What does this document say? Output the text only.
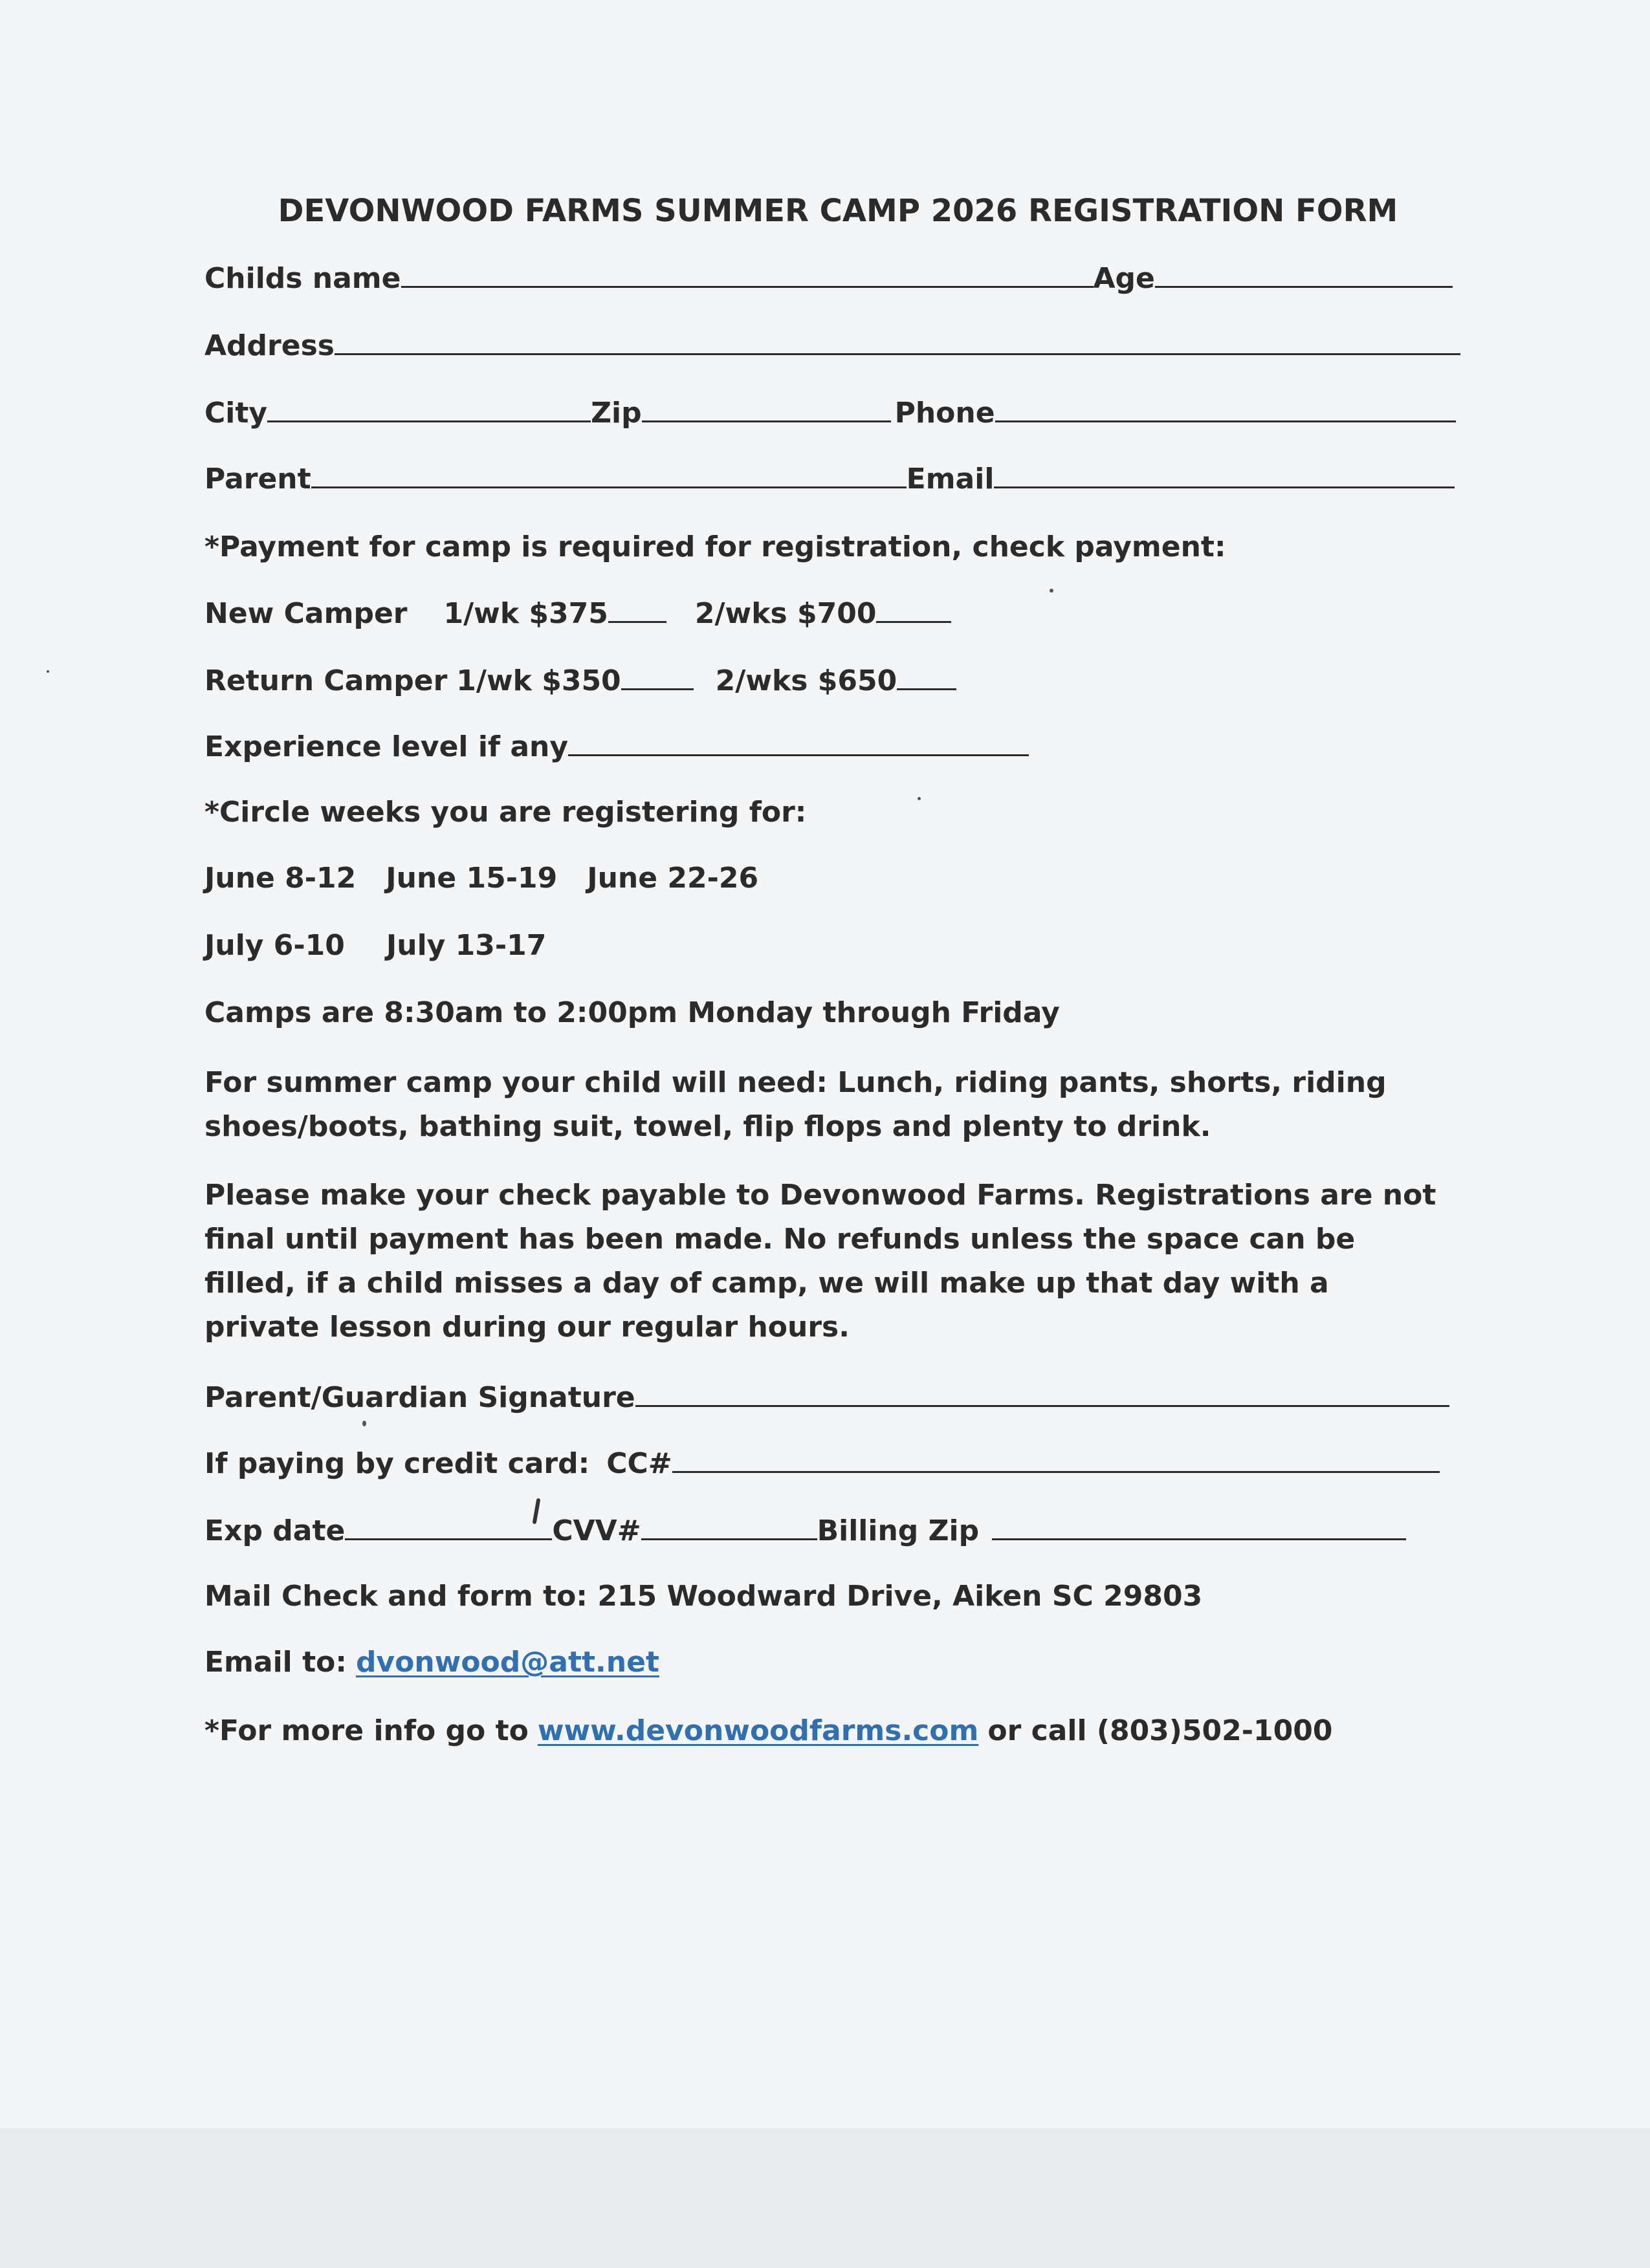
DEVONWOOD FARMS SUMMER CAMP 2026 REGISTRATION FORM
Childs name	Age
Address
City	Zip	Phone
Parent	Email
*Payment for camp is required for registration, check payment:
New Camper 1/wk $375	2/wks $700
Return Camper 1/wk $350	2/wks $650
Experience level if any
*Circle weeks you are registering for:
June 8-12 June 15-19 June 22-26
July 6-10 July 13-17
Camps are 8:30am to 2:00pm Monday through Friday
For summer camp your child will need: Lunch, riding pants, shorts, riding
shoes/boots, bathing suit, towel, flip flops and plenty to drink.
Please make your check payable to Devonwood Farms. Registrations are not
final until payment has been made. No refunds unless the space can be
filled, if a child misses a day of camp, we will make up that day with a
private lesson during our regular hours.
Parent/Guardian Signature
If paying by credit card: CC#
Exp date	CVV#	Billing Zip
Mail Check and form to: 215 Woodward Drive, Aiken SC 29803
Email to: dvonwood@att.net
*For more info go to www.devonwoodfarms.com or call (803)502-1000
